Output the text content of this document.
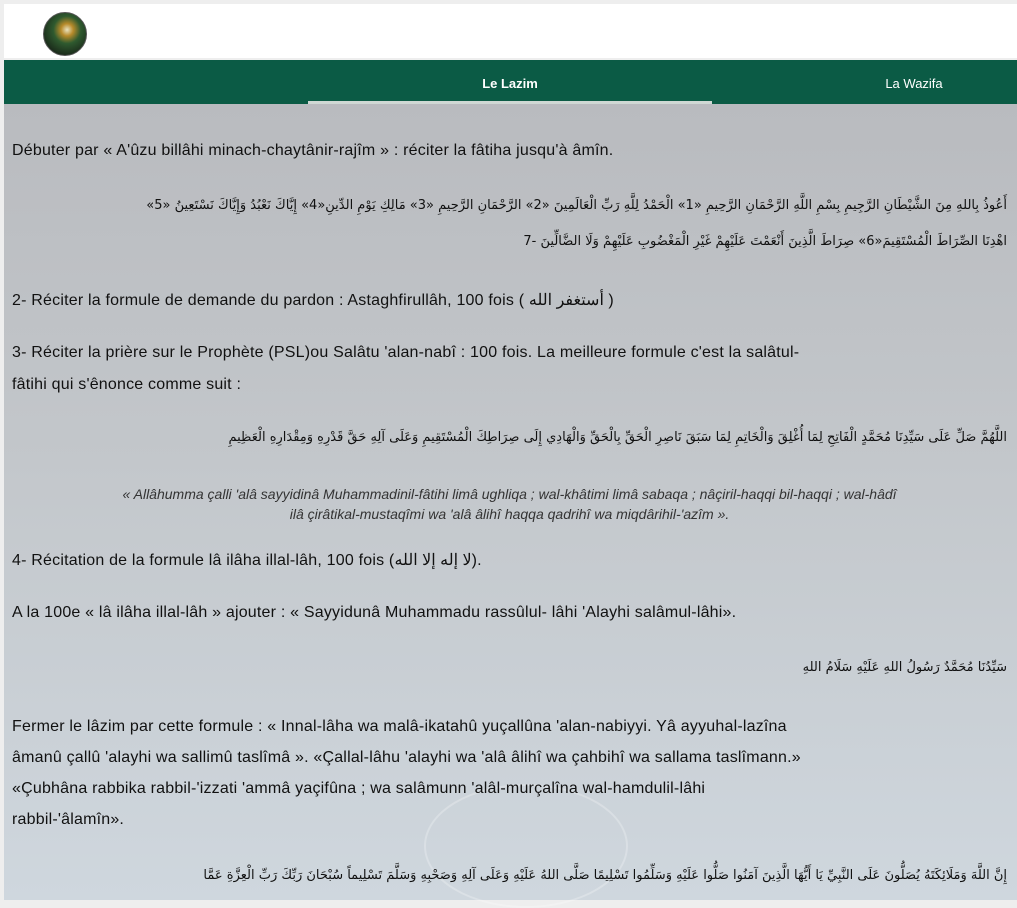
Le Lazim	La Wazifa
Débuter par « A'ûzu billâhi minach-chaytânir-rajîm » : réciter la fâtiha jusqu'à âmîn.
أَعُوذُ بِاللهِ مِنَ الشَّيْطَانِ الرَّجِيمِ بِسْمِ اللَّهِ الرَّحْمَانِ الرَّحِيمِ «1» الْحَمْدُ لِلَّهِ رَبِّ الْعَالَمِينَ «2» الرَّحْمَانِ الرَّحِيمِ «3» مَالِكِ يَوْمِ الدِّينِ«4» إِيَّاكَ نَعْبُدُ وَإِيَّاكَ نَسْتَعِينُ «5»
اهْدِنَا الصِّرَاطَ الْمُسْتَقِيمَ«6» صِرَاطَ الَّذِينَ أَنْعَمْتَ عَلَيْهِمْ غَيْرِ الْمَغْضُوبِ عَلَيْهِمْ وَلَا الضَّالِّينَ -7
2- Réciter la formule de demande du pardon : Astaghfirullâh, 100 fois ( أستغفر الله )
3- Réciter la prière sur le Prophète (PSL)ou Salâtu 'alan-nabî : 100 fois. La meilleure formule c'est la salâtul-
fâtihi qui s'ênonce comme suit :
اللَّهُمَّ صَلِّ عَلَى سَيِّدِنَا مُحَمَّدٍ الْفَاتِحِ لِمَا أُغْلِقَ وَالْخَاتِمِ لِمَا سَبَقَ نَاصِرِ الْحَقِّ بِالْحَقِّ وَالْهَادِي إِلَى صِرَاطِكَ الْمُسْتَقِيمِ وَعَلَى آلِهِ حَقَّ قَدْرِهِ وَمِقْدَارِهِ الْعَظِيمِ
« Allâhumma çalli 'alâ sayyidinâ Muhammadinil-fâtihi limâ ughliqa ; wal-khâtimi limâ sabaqa ; nâçiril-haqqi bil-haqqi ; wal-hâdî
ilâ çirâtikal-mustaqîmi wa 'alâ âlihî haqqa qadrihî wa miqdârihil-'azîm ».
4- Récitation de la formule lâ ilâha illal-lâh, 100 fois (لا إله إلا الله).
A la 100e « lâ ilâha illal-lâh » ajouter : « Sayyidunâ Muhammadu rassûlul- lâhi 'Alayhi salâmul-lâhi».
سَيِّدُنَا مُحَمَّدٌ رَسُولُ اللهِ عَلَيْهِ سَلَامُ اللهِ
Fermer le lâzim par cette formule : « Innal-lâha wa malâ-ikatahû yuçallûna 'alan-nabiyyi. Yâ ayyuhal-lazîna
âmanû çallû 'alayhi wa sallimû taslîmâ ». «Çallal-lâhu 'alayhi wa 'alâ âlihî wa çahbihî wa sallama taslîmann.»
«Çubhâna rabbika rabbil-'izzati 'ammâ yaçifûna ; wa salâmunn 'alâl-murçalîna wal-hamdulil-lâhi
rabbil-'âlamîn».
إِنَّ اللَّهَ وَمَلَائِكَتَهُ يُصَلُّونَ عَلَى النَّبِيِّ يَا أَيُّهَا الَّذِينَ آمَنُوا صَلُّوا عَلَيْهِ وَسَلِّمُوا تَسْلِيمًا صَلَّى اللهُ عَلَيْهِ وَعَلَى آلِهِ وَصَحْبِهِ وَسَلَّمَ تَسْلِيماً سُبْحَانَ رَبِّكَ رَبِّ الْعِزَّةِ عَمَّا
